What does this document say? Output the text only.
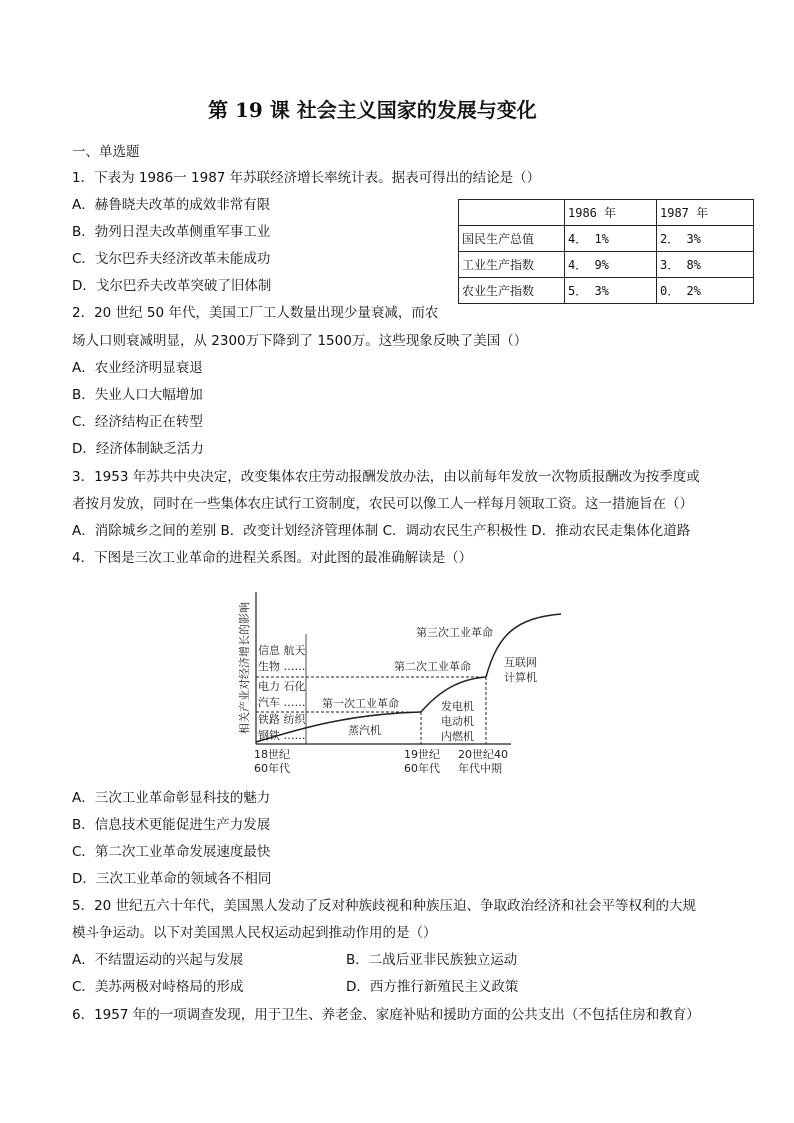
第 19 课 社会主义国家的发展与变化
一、单选题
1．下表为 1986一 1987 年苏联经济增长率统计表。据表可得出的结论是（）
A．赫鲁晓夫改革的成效非常有限
B．勃列日涅夫改革侧重军事工业
C．戈尔巴乔夫经济改革未能成功
D．戈尔巴乔夫改革突破了旧体制
	1986 年	1987 年
国民生产总值	4． 1%	2． 3%
工业生产指数	4． 9%	3． 8%
农业生产指数	5． 3%	0． 2%
2．20 世纪 50 年代，美国工厂工人数量出现少量衰减，而农
场人口则衰减明显，从 2300万下降到了 1500万。这些现象反映了美国（）
A．农业经济明显衰退
B．失业人口大幅增加
C．经济结构正在转型
D．经济体制缺乏活力
3．1953 年苏共中央决定，改变集体农庄劳动报酬发放办法，由以前每年发放一次物质报酬改为按季度或
者按月发放，同时在一些集体农庄试行工资制度，农民可以像工人一样每月领取工资。这一措施旨在（）
A．消除城乡之间的差别 B．改变计划经济管理体制 C．调动农民生产积极性 D．推动农民走集体化道路
4．下图是三次工业革命的进程关系图。对此图的最准确解读是（）
相关产业对经济增长的影响	第三次工业革命
第二次工业革命
第一次工业革命
信息 航天
生物 ……
电力 石化
汽车 ……
铁路 纺织
钢铁 ……	蒸汽机
发电机
电动机
内燃机
互联网
计算机
18世纪
60年代
19世纪
60年代
20世纪40
年代中期
A．三次工业革命彰显科技的魅力
B．信息技术更能促进生产力发展
C．第二次工业革命发展速度最快
D．三次工业革命的领域各不相同
5．20 世纪五六十年代，美国黑人发动了反对种族歧视和种族压迫、争取政治经济和社会平等权利的大规
模斗争运动。以下对美国黑人民权运动起到推动作用的是（）
A．不结盟运动的兴起与发展	B．二战后亚非民族独立运动
C．美苏两极对峙格局的形成	D．西方推行新殖民主义政策
6．1957 年的一项调查发现，用于卫生、养老金、家庭补贴和援助方面的公共支出（不包括住房和教育）
